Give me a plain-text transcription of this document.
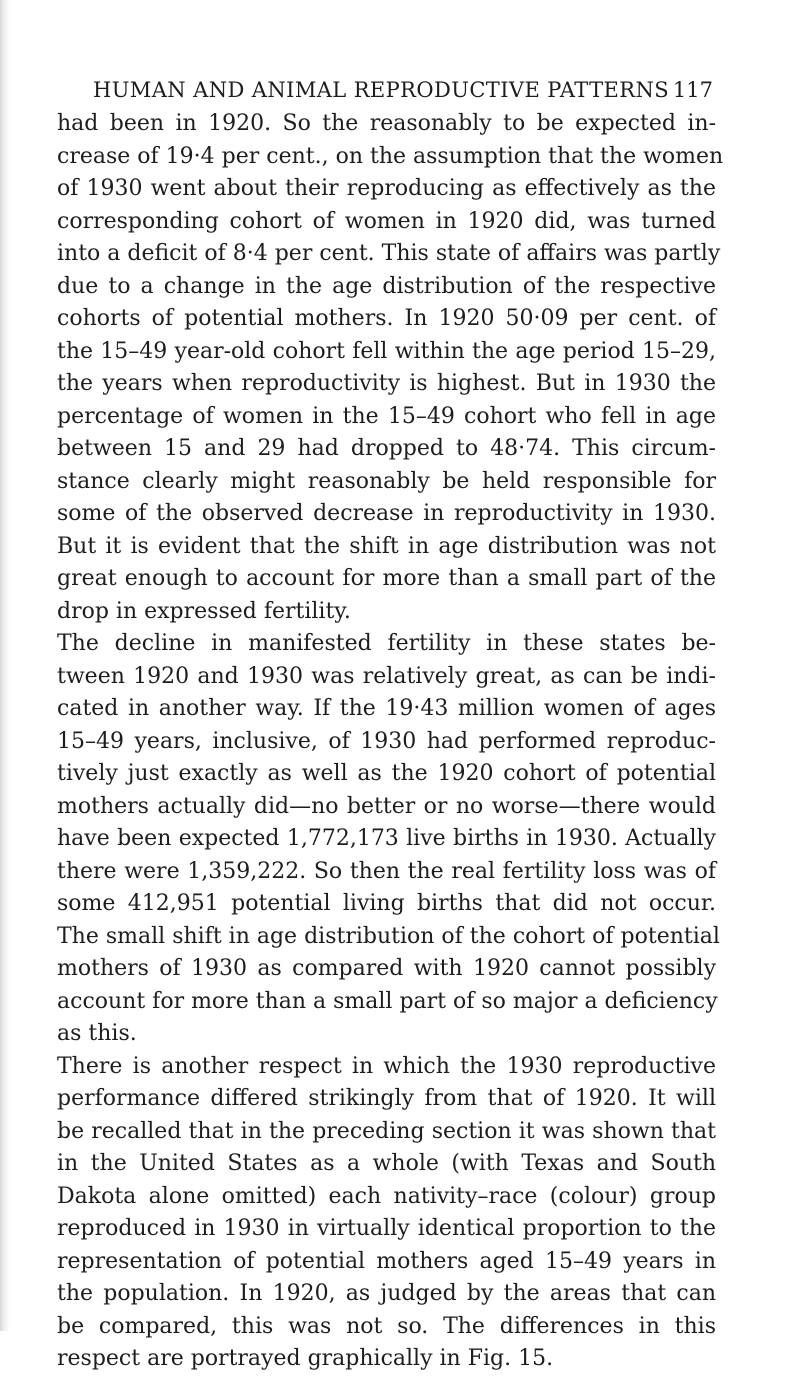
HUMAN AND ANIMAL REPRODUCTIVE PATTERNS 117
had been in 1920. So the reasonably to be expected in-
crease of 19·4 per cent., on the assumption that the women
of 1930 went about their reproducing as effectively as the
corresponding cohort of women in 1920 did, was turned
into a deficit of 8·4 per cent. This state of affairs was partly
due to a change in the age distribution of the respective
cohorts of potential mothers. In 1920 50·09 per cent. of
the 15–49 year-old cohort fell within the age period 15–29,
the years when reproductivity is highest. But in 1930 the
percentage of women in the 15–49 cohort who fell in age
between 15 and 29 had dropped to 48·74. This circum-
stance clearly might reasonably be held responsible for
some of the observed decrease in reproductivity in 1930.
But it is evident that the shift in age distribution was not
great enough to account for more than a small part of the
drop in expressed fertility.
The decline in manifested fertility in these states be-
tween 1920 and 1930 was relatively great, as can be indi-
cated in another way. If the 19·43 million women of ages
15–49 years, inclusive, of 1930 had performed reproduc-
tively just exactly as well as the 1920 cohort of potential
mothers actually did—no better or no worse—there would
have been expected 1,772,173 live births in 1930. Actually
there were 1,359,222. So then the real fertility loss was of
some 412,951 potential living births that did not occur.
The small shift in age distribution of the cohort of potential
mothers of 1930 as compared with 1920 cannot possibly
account for more than a small part of so major a deficiency
as this.
There is another respect in which the 1930 reproductive
performance differed strikingly from that of 1920. It will
be recalled that in the preceding section it was shown that
in the United States as a whole (with Texas and South
Dakota alone omitted) each nativity–race (colour) group
reproduced in 1930 in virtually identical proportion to the
representation of potential mothers aged 15–49 years in
the population. In 1920, as judged by the areas that can
be compared, this was not so. The differences in this
respect are portrayed graphically in Fig. 15.
